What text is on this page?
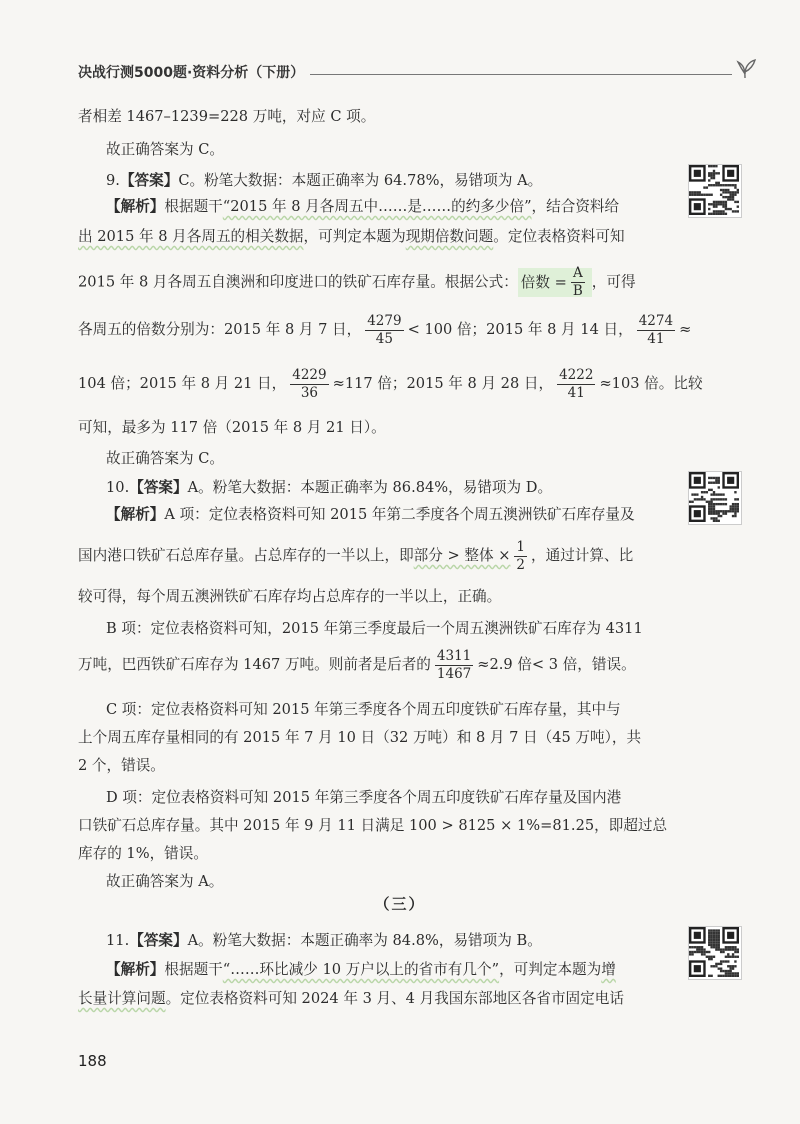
决战行测5000题·资料分析（下册）
者相差 1467–1239=228 万吨，对应 C 项。
故正确答案为 C。
9.【答案】C。粉笔大数据：本题正确率为 64.78%，易错项为 A。
【解析】根据题干“2015 年 8 月各周五中……是……的约多少倍”，结合资料给
出 2015 年 8 月各周五的相关数据，可判定本题为现期倍数问题。定位表格资料可知
2015 年 8 月各周五自澳洲和印度进口的铁矿石库存量。根据公式： 倍数 = $\frac{A}{B}$ ，可得
各周五的倍数分别为：2015 年 8 月 7 日， $\frac{4279}{45} < 100$ 倍；2015 年 8 月 14 日， $\frac{4274}{41}$ ≈
104 倍；2015 年 8 月 21 日， $\frac{4229}{36} \approx 117$ 倍；2015 年 8 月 28 日， $\frac{4222}{41} \approx 103$ 倍。比较
可知，最多为 117 倍（2015 年 8 月 21 日）。
故正确答案为 C。
10.【答案】A。粉笔大数据：本题正确率为 86.84%，易错项为 D。
【解析】A 项：定位表格资料可知 2015 年第二季度各个周五澳洲铁矿石库存量及
国内港口铁矿石总库存量。占总库存的一半以上，即部分 > 整体 × $\frac{1}{2}$ ，通过计算、比
较可得，每个周五澳洲铁矿石库存均占总库存的一半以上，正确。
B 项：定位表格资料可知，2015 年第三季度最后一个周五澳洲铁矿石库存为 4311
万吨，巴西铁矿石库存为 1467 万吨。则前者是后者的 $\frac{4311}{1467} \approx 2.9$ 倍< 3 倍，错误。
C 项：定位表格资料可知 2015 年第三季度各个周五印度铁矿石库存量，其中与
上个周五库存量相同的有 2015 年 7 月 10 日（32 万吨）和 8 月 7 日（45 万吨），共
2 个，错误。
D 项：定位表格资料可知 2015 年第三季度各个周五印度铁矿石库存量及国内港
口铁矿石总库存量。其中 2015 年 9 月 11 日满足 100 > 8125 × 1%=81.25，即超过总
库存的 1%，错误。
故正确答案为 A。
（三）
11.【答案】A。粉笔大数据：本题正确率为 84.8%，易错项为 B。
【解析】根据题干“……环比减少 10 万户以上的省市有几个”，可判定本题为增
长量计算问题。定位表格资料可知 2024 年 3 月、4 月我国东部地区各省市固定电话
188
